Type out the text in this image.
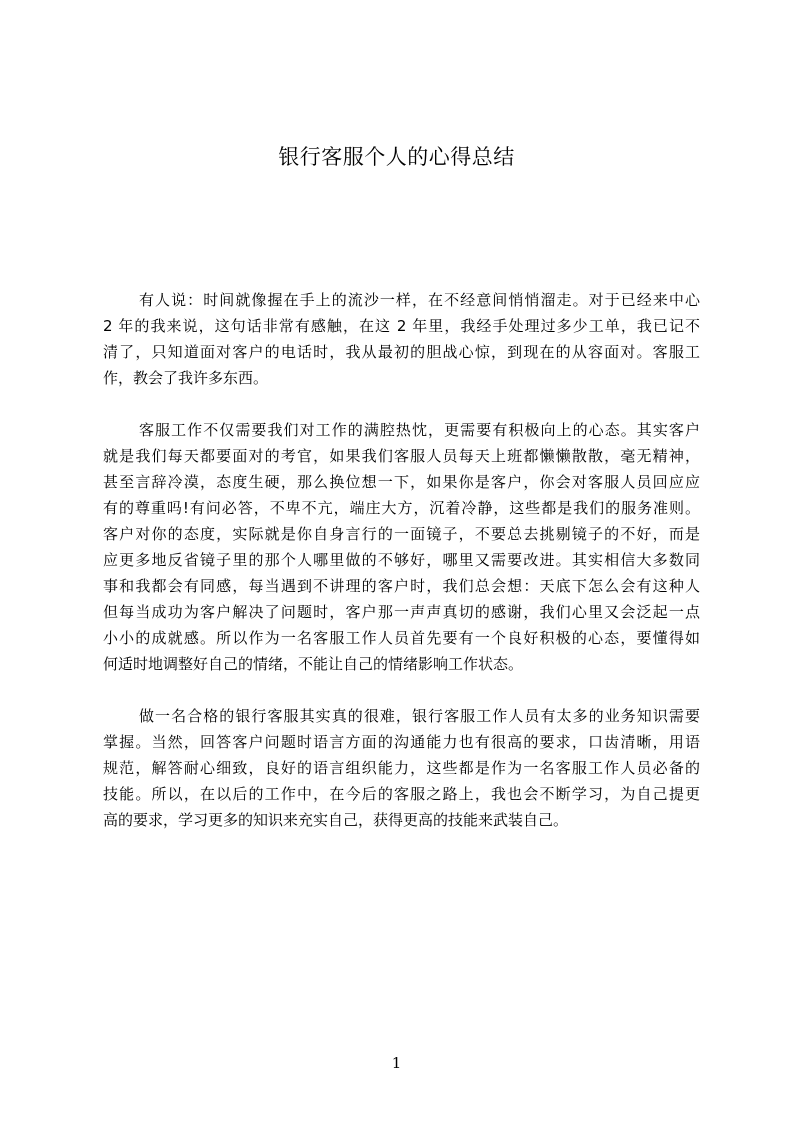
银行客服个人的心得总结
有人说：时间就像握在手上的流沙一样，在不经意间悄悄溜走。对于已经来中心
2 年的我来说，这句话非常有感触，在这 2 年里，我经手处理过多少工单，我已记不
清了，只知道面对客户的电话时，我从最初的胆战心惊，到现在的从容面对。客服工
作，教会了我许多东西。
客服工作不仅需要我们对工作的满腔热忱，更需要有积极向上的心态。其实客户
就是我们每天都要面对的考官，如果我们客服人员每天上班都懒懒散散，毫无精神，
甚至言辞冷漠，态度生硬，那么换位想一下，如果你是客户，你会对客服人员回应应
有的尊重吗!有问必答，不卑不亢，端庄大方，沉着冷静，这些都是我们的服务准则。
客户对你的态度，实际就是你自身言行的一面镜子，不要总去挑剔镜子的不好，而是
应更多地反省镜子里的那个人哪里做的不够好，哪里又需要改进。其实相信大多数同
事和我都会有同感，每当遇到不讲理的客户时，我们总会想：天底下怎么会有这种人
但每当成功为客户解决了问题时，客户那一声声真切的感谢，我们心里又会泛起一点
小小的成就感。所以作为一名客服工作人员首先要有一个良好积极的心态，要懂得如
何适时地调整好自己的情绪，不能让自己的情绪影响工作状态。
做一名合格的银行客服其实真的很难，银行客服工作人员有太多的业务知识需要
掌握。当然，回答客户问题时语言方面的沟通能力也有很高的要求，口齿清晰，用语
规范，解答耐心细致，良好的语言组织能力，这些都是作为一名客服工作人员必备的
技能。所以，在以后的工作中，在今后的客服之路上，我也会不断学习，为自己提更
高的要求，学习更多的知识来充实自己，获得更高的技能来武装自己。
1
